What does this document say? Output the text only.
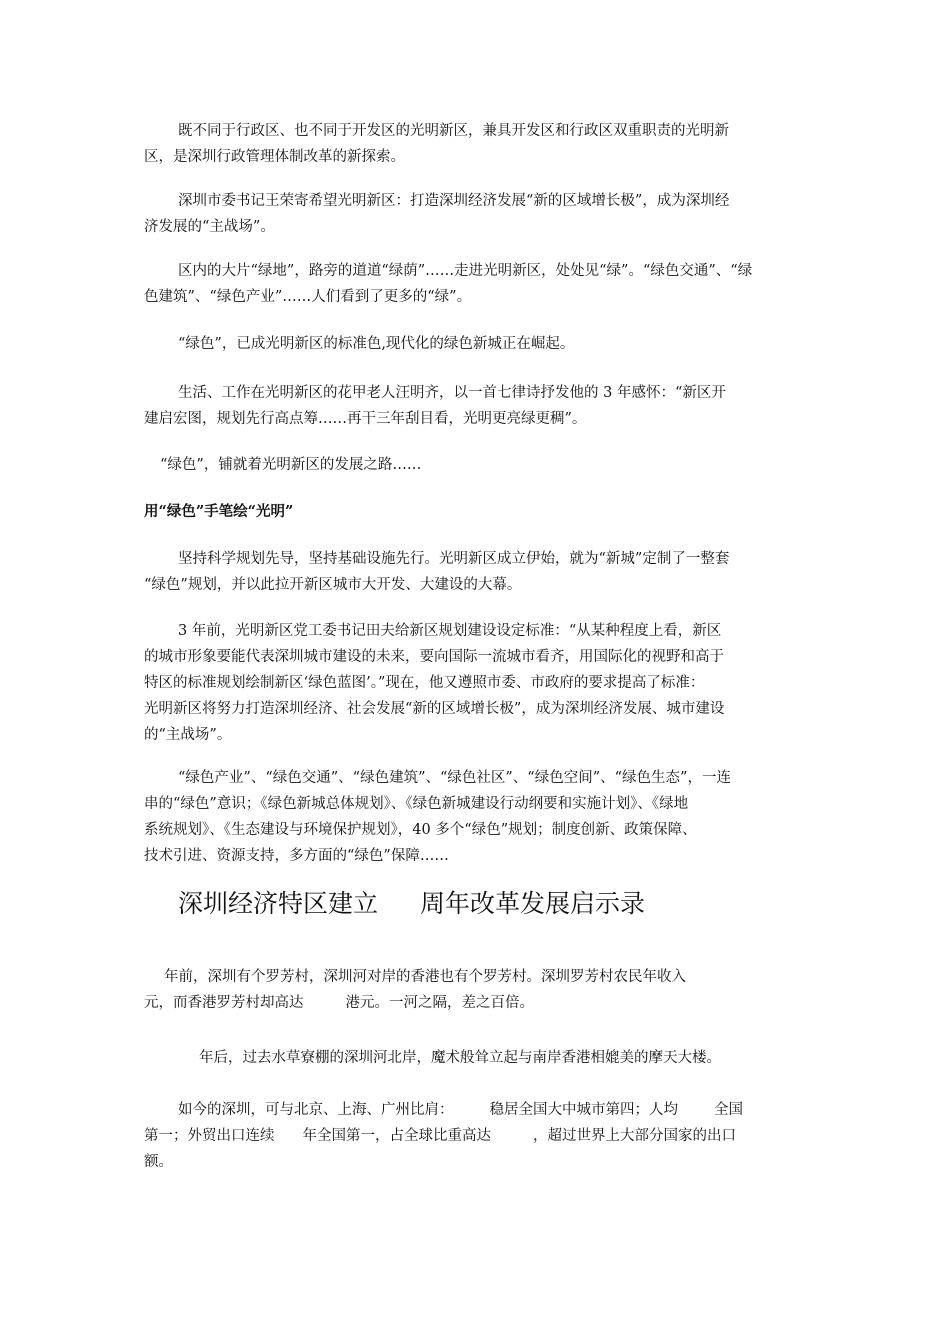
既不同于行政区、也不同于开发区的光明新区，兼具开发区和行政区双重职责的光明新
区，是深圳行政管理体制改革的新探索。
深圳市委书记王荣寄希望光明新区：打造深圳经济发展“新的区域增长极”，成为深圳经
济发展的“主战场”。
区内的大片“绿地”，路旁的道道“绿荫”……走进光明新区，处处见“绿”。“绿色交通”、“绿
色建筑”、“绿色产业”……人们看到了更多的“绿”。
“绿色”，已成光明新区的标准色,现代化的绿色新城正在崛起。
生活、工作在光明新区的花甲老人汪明齐，以一首七律诗抒发他的 3 年感怀：“新区开
建启宏图，规划先行高点筹……再干三年刮目看，光明更亮绿更稠”。
“绿色”，铺就着光明新区的发展之路……
用“绿色”手笔绘“光明”
坚持科学规划先导，坚持基础设施先行。光明新区成立伊始，就为“新城”定制了一整套
“绿色”规划，并以此拉开新区城市大开发、大建设的大幕。
3 年前，光明新区党工委书记田夫给新区规划建设设定标准：“从某种程度上看，新区
的城市形象要能代表深圳城市建设的未来，要向国际一流城市看齐，用国际化的视野和高于
特区的标准规划绘制新区‘绿色蓝图’。”现在，他又遵照市委、市政府的要求提高了标准：
光明新区将努力打造深圳经济、社会发展“新的区域增长极”，成为深圳经济发展、城市建设
的“主战场”。
“绿色产业”、“绿色交通”、“绿色建筑”、“绿色社区”、“绿色空间”、“绿色生态”，一连
串的“绿色”意识；《绿色新城总体规划》、《绿色新城建设行动纲要和实施计划》、《绿地
系统规划》、《生态建设与环境保护规划》，40 多个“绿色”规划；制度创新、政策保障、
技术引进、资源支持，多方面的“绿色”保障……
深圳经济特区建立 周年改革发展启示录
年前，深圳有个罗芳村，深圳河对岸的香港也有个罗芳村。深圳罗芳村农民年收入
元，而香港罗芳村却高达	港元。一河之隔，差之百倍。
年后，过去水草寮棚的深圳河北岸，魔术般耸立起与南岸香港相媲美的摩天大楼。
如今的深圳，可与北京、上海、广州比肩： 稳居全国大中城市第四；人均 全国
第一；外贸出口连续 年全国第一，占全球比重高达	，超过世界上大部分国家的出口
额。
